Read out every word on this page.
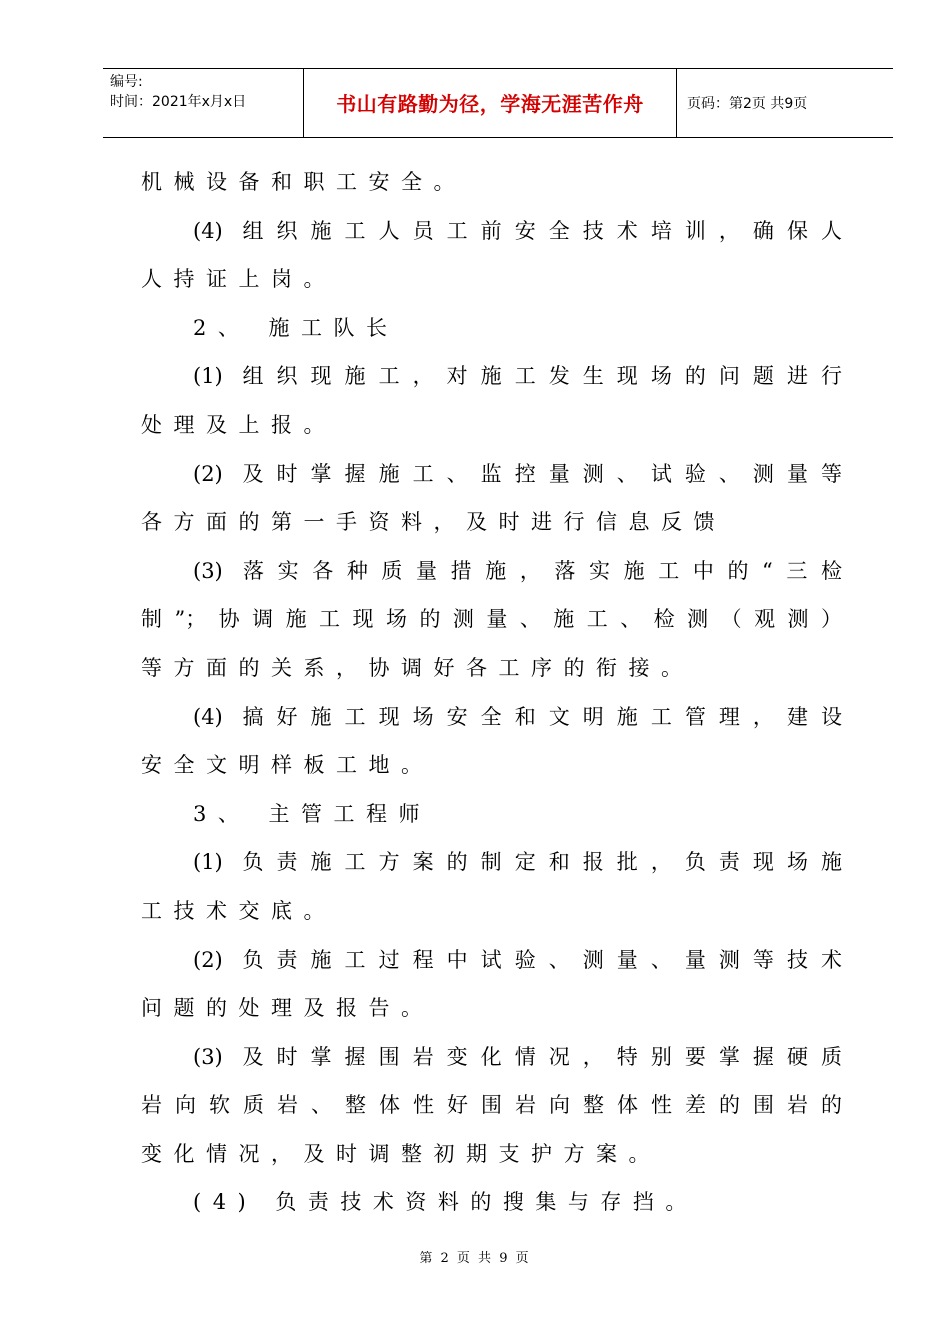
编号:
时间：2021年x月x日	书山有路勤为径，学海无涯苦作舟	页码：第2页 共9页
机械设备和职工安全。
(4) 组织施工人员工前安全技术培训，确保人
人持证上岗。
2、 施工队长
(1) 组织现施工，对施工发生现场的问题进行
处理及上报。
(2) 及时掌握施工、监控量测、试验、测量等
各方面的第一手资料，及时进行信息反馈
(3) 落实各种质量措施，落实施工中的“三检
制”；协调施工现场的测量、施工、检测（观测）
等方面的关系，协调好各工序的衔接。
(4) 搞好施工现场安全和文明施工管理，建设
安全文明样板工地。
3、 主管工程师
(1) 负责施工方案的制定和报批，负责现场施
工技术交底。
(2) 负责施工过程中试验、测量、量测等技术
问题的处理及报告。
(3) 及时掌握围岩变化情况，特别要掌握硬质
岩向软质岩、整体性好围岩向整体性差的围岩的
变化情况，及时调整初期支护方案。
(4) 负责技术资料的搜集与存挡。
第 2 页 共 9 页
